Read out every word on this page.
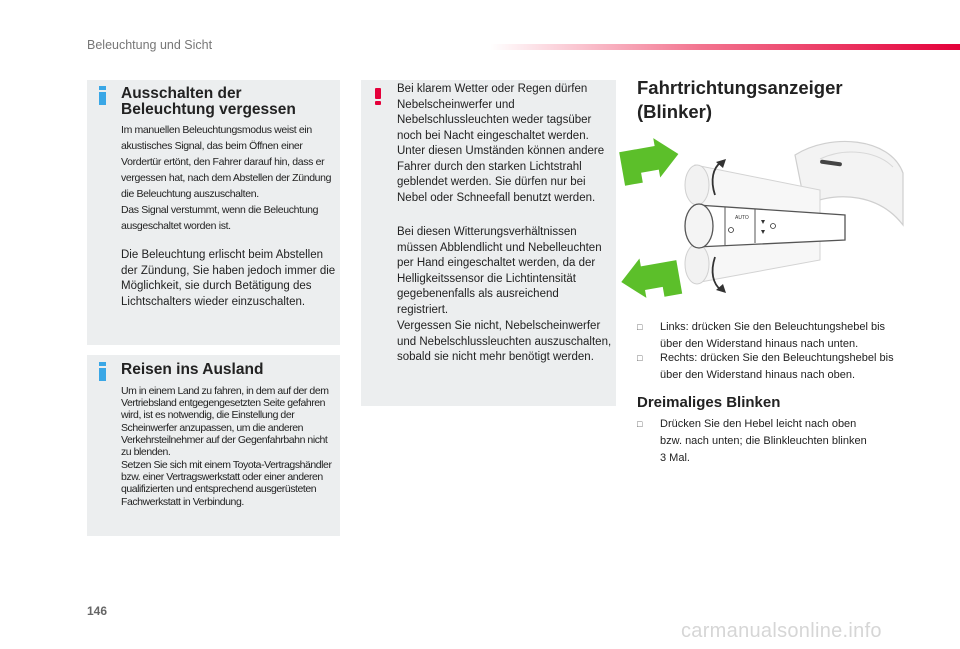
Beleuchtung und Sicht
Ausschalten der Beleuchtung vergessen
Im manuellen Beleuchtungsmodus weist ein akustisches Signal, das beim Öffnen einer Vordertür ertönt, den Fahrer darauf hin, dass er vergessen hat, nach dem Abstellen der Zündung die Beleuchtung auszuschalten.
Das Signal verstummt, wenn die Beleuchtung ausgeschaltet worden ist.
Die Beleuchtung erlischt beim Abstellen der Zündung, Sie haben jedoch immer die Möglichkeit, sie durch Betätigung des Lichtschalters wieder einzuschalten.
Reisen ins Ausland
Um in einem Land zu fahren, in dem auf der dem Vertriebsland entgegengesetzten Seite gefahren wird, ist es notwendig, die Einstellung der Scheinwerfer anzupassen, um die anderen Verkehrsteilnehmer auf der Gegenfahrbahn nicht zu blenden.
Setzen Sie sich mit einem Toyota-Vertragshändler bzw. einer Vertragswerkstatt oder einer anderen qualifizierten und entsprechend ausgerüsteten Fachwerkstatt in Verbindung.
Bei klarem Wetter oder Regen dürfen Nebelscheinwerfer und Nebelschlussleuchten weder tagsüber noch bei Nacht eingeschaltet werden. Unter diesen Umständen können andere Fahrer durch den starken Lichtstrahl geblendet werden. Sie dürfen nur bei Nebel oder Schneefall benutzt werden.
Bei diesen Witterungsverhältnissen müssen Abblendlicht und Nebelleuchten per Hand eingeschaltet werden, da der Helligkeitssensor die Lichtintensität gegebenenfalls als ausreichend registriert.
Vergessen Sie nicht, Nebelscheinwerfer und Nebelschlussleuchten auszuschalten, sobald sie nicht mehr benötigt werden.
Fahrtrichtungsanzeiger (Blinker)
AUTO
□ Links: drücken Sie den Beleuchtungshebel bis über den Widerstand hinaus nach unten.
□ Rechts: drücken Sie den Beleuchtungshebel bis über den Widerstand hinaus nach oben.
Dreimaliges Blinken
□ Drücken Sie den Hebel leicht nach oben bzw. nach unten; die Blinkleuchten blinken 3 Mal.
146
carmanualsonline.info
